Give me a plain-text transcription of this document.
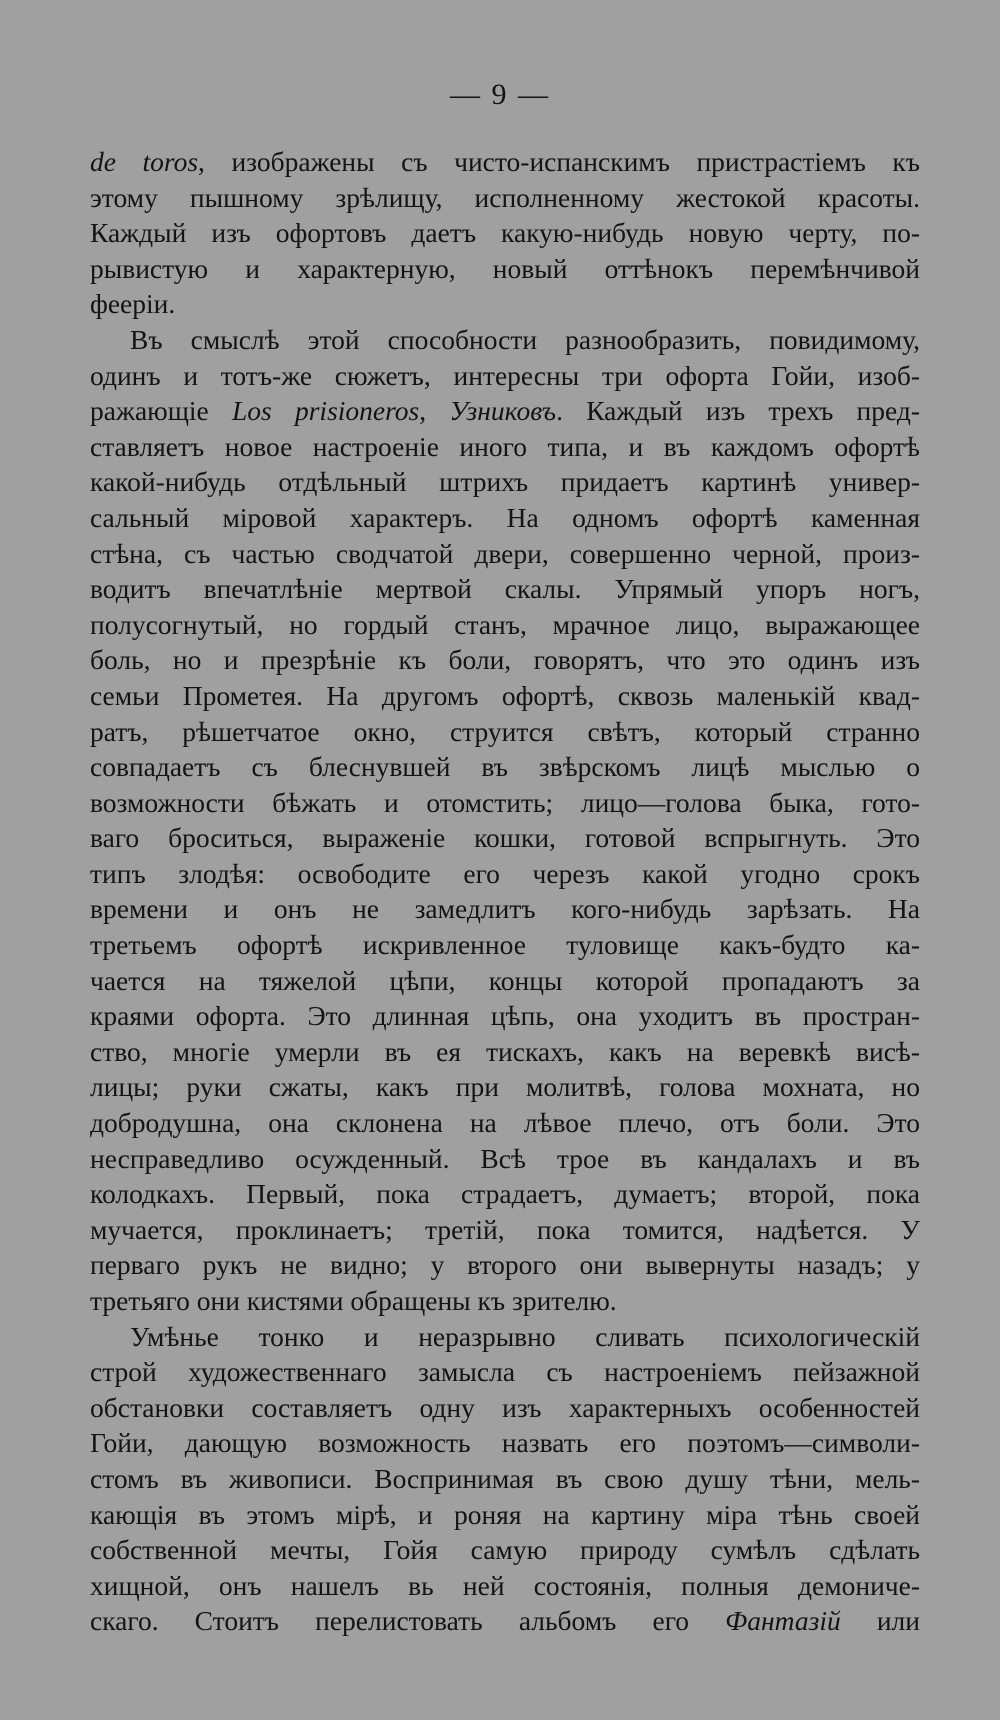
— 9 —
de toros, изображены съ чисто-испанскимъ пристрастіемъ къ
этому пышному зрѣлищу, исполненному жестокой красоты.
Каждый изъ офортовъ даетъ какую-нибудь новую черту, по-
рывистую и характерную, новый оттѣнокъ перемѣнчивой
феерiи.
Въ смыслѣ этой способности разнообразить, повидимому,
одинъ и тотъ-же сюжетъ, интересны три офорта Гойи, изоб-
ражающіе Los prisioneros, Узниковъ. Каждый изъ трехъ пред-
ставляетъ новое настроеніе иного типа, и въ каждомъ офортѣ
какой-нибудь отдѣльный штрихъ придаетъ картинѣ универ-
сальный міровой характеръ. На одномъ офортѣ каменная
стѣна, съ частью сводчатой двери, совершенно черной, произ-
водитъ впечатлѣніе мертвой скалы. Упрямый упоръ ногъ,
полусогнутый, но гордый станъ, мрачное лицо, выражающее
боль, но и презрѣніе къ боли, говорятъ, что это одинъ изъ
семьи Прометея. На другомъ офортѣ, сквозь маленькій квад-
ратъ, рѣшетчатое окно, струится свѣтъ, который странно
совпадаетъ съ блеснувшей въ звѣрскомъ лицѣ мыслью о
возможности бѣжать и отомстить; лицо—голова быка, гото-
ваго броситься, выраженіе кошки, готовой вспрыгнуть. Это
типъ злодѣя: освободите его черезъ какой угодно срокъ
времени и онъ не замедлитъ кого-нибудь зарѣзать. На
третьемъ офортѣ искривленное туловище какъ-будто ка-
чается на тяжелой цѣпи, концы которой пропадаютъ за
краями офорта. Это длинная цѣпь, она уходитъ въ простран-
ство, многіе умерли въ ея тискахъ, какъ на веревкѣ висѣ-
лицы; руки сжаты, какъ при молитвѣ, голова мохната, но
добродушна, она склонена на лѣвое плечо, отъ боли. Это
несправедливо осужденный. Всѣ трое въ кандалахъ и въ
колодкахъ. Первый, пока страдаетъ, думаетъ; второй, пока
мучается, проклинаетъ; третій, пока томится, надѣется. У
перваго рукъ не видно; у второго они вывернуты назадъ; у
третьяго они кистями обращены къ зрителю.
Умѣнье тонко и неразрывно сливать психологическій
строй художественнаго замысла съ настроеніемъ пейзажной
обстановки составляетъ одну изъ характерныхъ особенностей
Гойи, дающую возможность назвать его поэтомъ—символи-
стомъ въ живописи. Воспринимая въ свою душу тѣни, мель-
кающія въ этомъ мірѣ, и роняя на картину міра тѣнь своей
собственной мечты, Гойя самую природу сумѣлъ сдѣлать
хищной, онъ нашелъ вь ней состоянія, полныя демониче-
скаго. Стоитъ перелистовать альбомъ его Фантазій или
